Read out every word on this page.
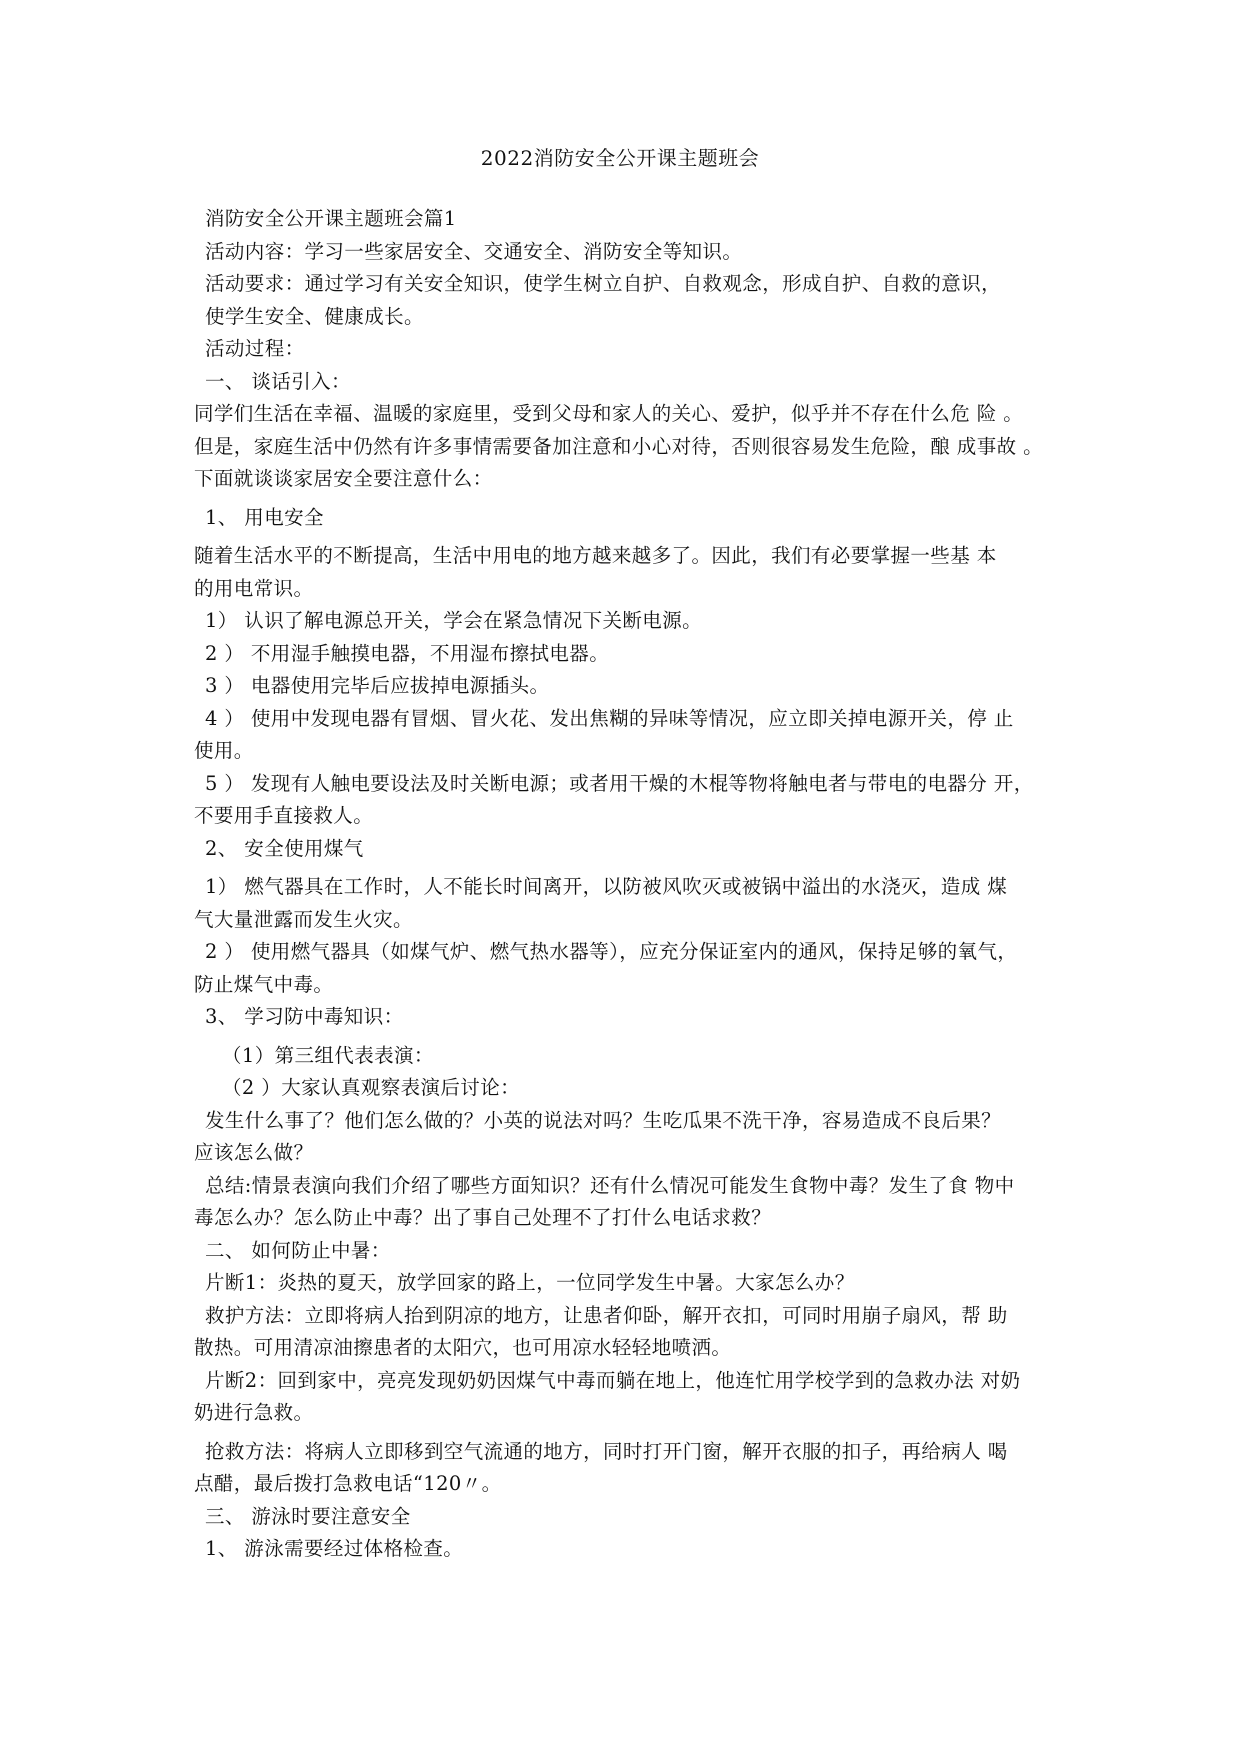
2022消防安全公开课主题班会

消防安全公开课主题班会篇1

活动内容：学习一些家居安全、交通安全、消防安全等知识。

活动要求：通过学习有关安全知识，使学生树立自护、自救观念，形成自护、自救的意识，

使学生安全、健康成长。

活动过程：

一、 谈话引入：

同学们生活在幸福、温暖的家庭里，受到父母和家人的关心、爱护，似乎并不存在什么危 险 。

但是，家庭生活中仍然有许多事情需要备加注意和小心对待，否则很容易发生危险，酿 成事故 。

下面就谈谈家居安全要注意什么：

1、 用电安全

随着生活水平的不断提高，生活中用电的地方越来越多了。因此，我们有必要掌握一些基 本

的用电常识。

1） 认识了解电源总开关，学会在紧急情况下关断电源。

2 ） 不用湿手触摸电器，不用湿布擦拭电器。

3 ） 电器使用完毕后应拔掉电源插头。

4 ） 使用中发现电器有冒烟、冒火花、发出焦糊的异味等情况，应立即关掉电源开关，停 止

使用。

5 ） 发现有人触电要设法及时关断电源；或者用干燥的木棍等物将触电者与带电的电器分 开，

不要用手直接救人。

2、 安全使用煤气

1） 燃气器具在工作时，人不能长时间离开，以防被风吹灭或被锅中溢出的水浇灭，造成 煤

气大量泄露而发生火灾。

2 ） 使用燃气器具（如煤气炉、燃气热水器等），应充分保证室内的通风，保持足够的氧气，

防止煤气中毒。

3、 学习防中毒知识：

（1）第三组代表表演：

（2 ）大家认真观察表演后讨论：

发生什么事了？他们怎么做的？小英的说法对吗？生吃瓜果不洗干净，容易造成不良后果？

应该怎么做？

总结:情景表演向我们介绍了哪些方面知识？还有什么情况可能发生食物中毒？发生了食 物中

毒怎么办？怎么防止中毒？出了事自己处理不了打什么电话求救？

二、 如何防止中暑：

片断1：炎热的夏天，放学回家的路上，一位同学发生中暑。大家怎么办？

救护方法：立即将病人抬到阴凉的地方，让患者仰卧，解开衣扣，可同时用崩子扇风，帮 助

散热。可用清凉油擦患者的太阳穴，也可用凉水轻轻地喷洒。

片断2：回到家中，亮亮发现奶奶因煤气中毒而躺在地上，他连忙用学校学到的急救办法 对奶

奶进行急救。

抢救方法：将病人立即移到空气流通的地方，同时打开门窗，解开衣服的扣子，再给病人 喝

点醋，最后拨打急救电话“120〃。

三、 游泳时要注意安全

1、 游泳需要经过体格检查。
